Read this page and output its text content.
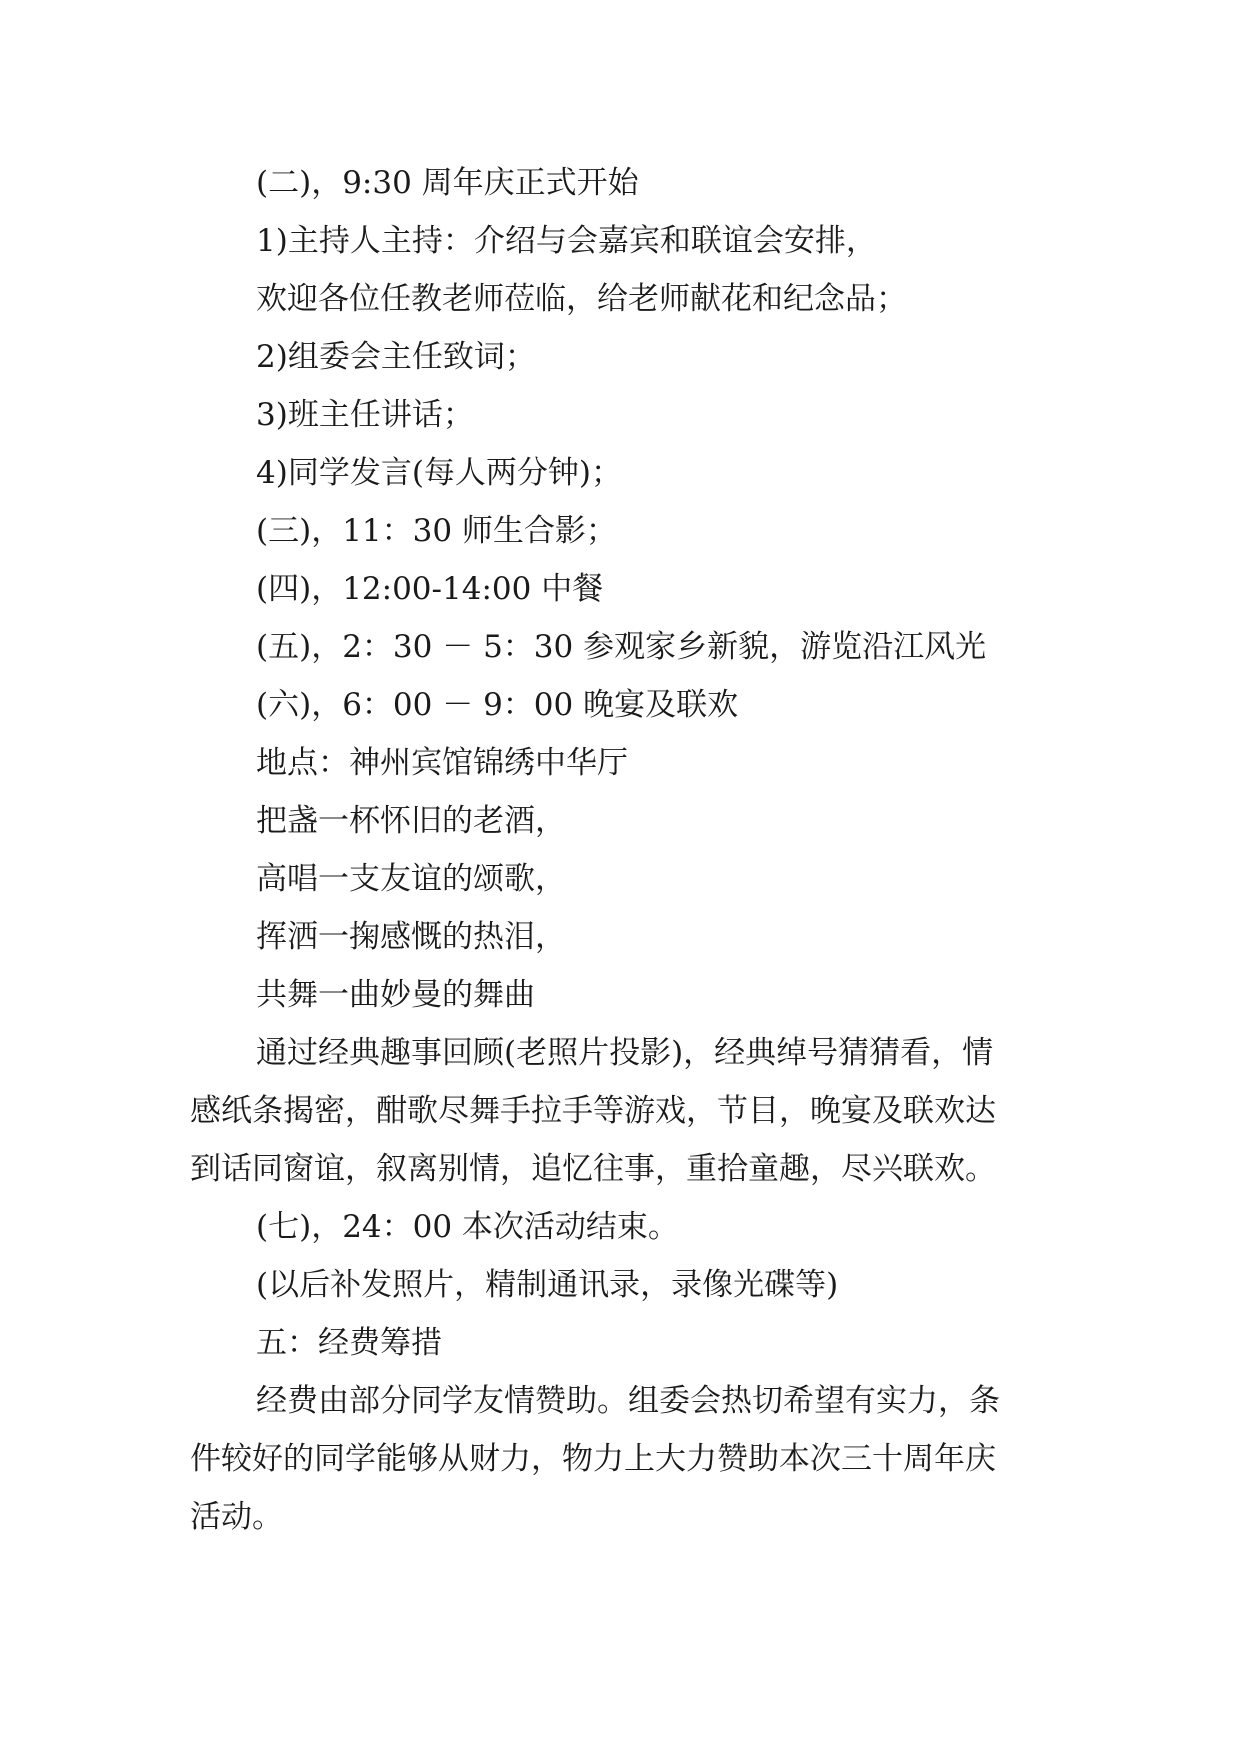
(二)，9:30 周年庆正式开始
1)主持人主持：介绍与会嘉宾和联谊会安排，
欢迎各位任教老师莅临，给老师献花和纪念品；
2)组委会主任致词；
3)班主任讲话；
4)同学发言(每人两分钟)；
(三)，11：30 师生合影；
(四)，12:00-14:00 中餐
(五)，2：30 － 5：30 参观家乡新貌，游览沿江风光
(六)，6：00 － 9：00 晚宴及联欢
地点：神州宾馆锦绣中华厅
把盏一杯怀旧的老酒，
高唱一支友谊的颂歌，
挥洒一掬感慨的热泪，
共舞一曲妙曼的舞曲
通过经典趣事回顾(老照片投影)，经典绰号猜猜看，情
感纸条揭密，酣歌尽舞手拉手等游戏，节目，晚宴及联欢达
到话同窗谊，叙离别情，追忆往事，重拾童趣，尽兴联欢。
(七)，24：00 本次活动结束。
(以后补发照片，精制通讯录，录像光碟等)
五：经费筹措
经费由部分同学友情赞助。组委会热切希望有实力，条
件较好的同学能够从财力，物力上大力赞助本次三十周年庆
活动。
